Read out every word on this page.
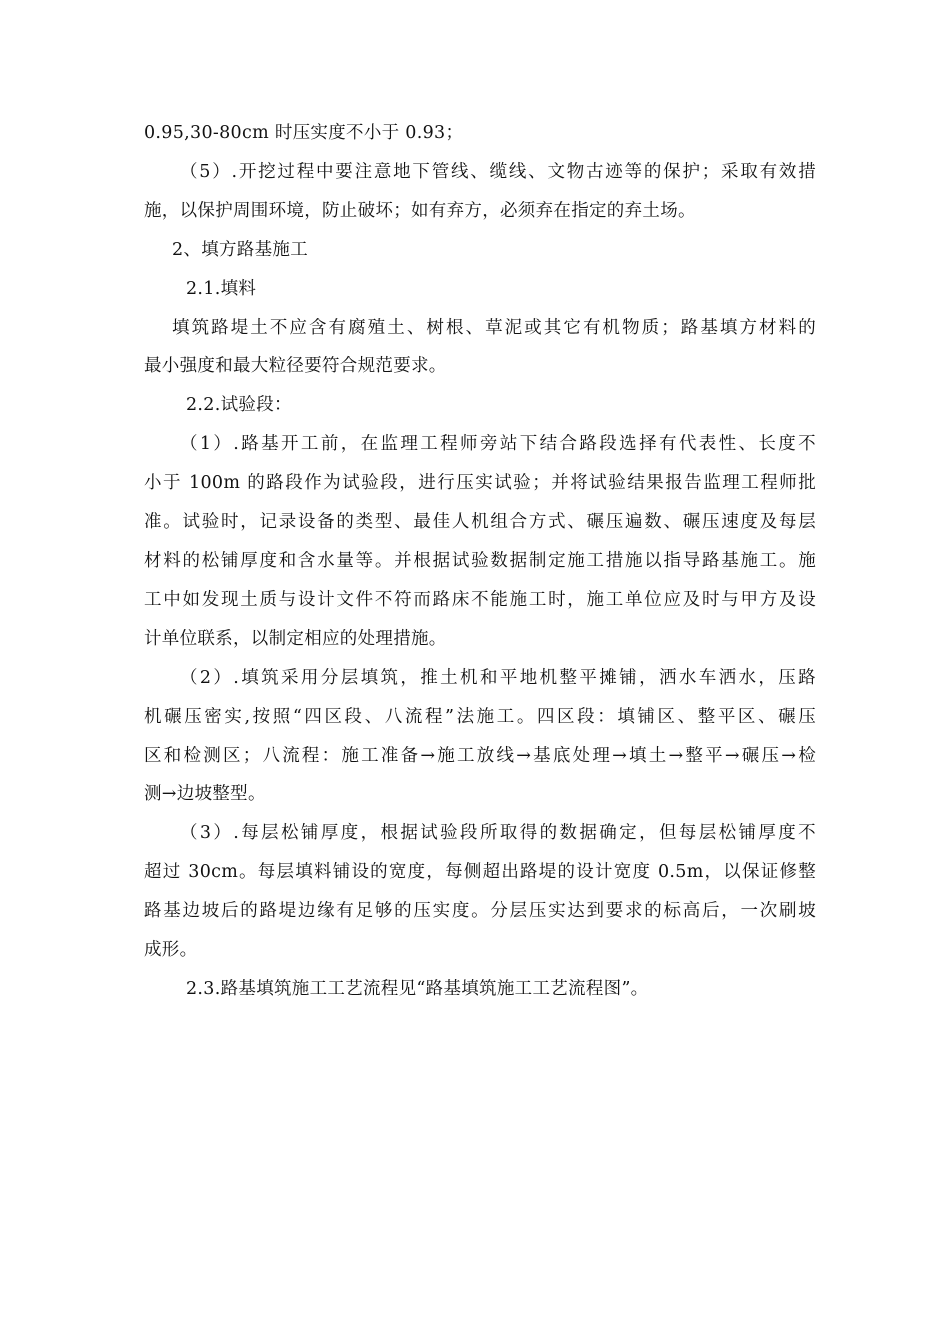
0.95,30-80cm 时压实度不小于 0.93；
（5）.开挖过程中要注意地下管线、缆线、文物古迹等的保护；采取有效措
施，以保护周围环境，防止破坏；如有弃方，必须弃在指定的弃土场。
2、填方路基施工
2.1.填料
填筑路堤土不应含有腐殖土、树根、草泥或其它有机物质；路基填方材料的
最小强度和最大粒径要符合规范要求。
2.2.试验段：
（1）.路基开工前，在监理工程师旁站下结合路段选择有代表性、长度不
小于 100m 的路段作为试验段，进行压实试验；并将试验结果报告监理工程师批
准。试验时，记录设备的类型、最佳人机组合方式、碾压遍数、碾压速度及每层
材料的松铺厚度和含水量等。并根据试验数据制定施工措施以指导路基施工。施
工中如发现土质与设计文件不符而路床不能施工时，施工单位应及时与甲方及设
计单位联系，以制定相应的处理措施。
（2）.填筑采用分层填筑，推土机和平地机整平摊铺，洒水车洒水，压路
机碾压密实,按照“四区段、八流程”法施工。四区段：填铺区、整平区、碾压
区和检测区；八流程：施工准备→施工放线→基底处理→填土→整平→碾压→检
测→边坡整型。
（3）.每层松铺厚度，根据试验段所取得的数据确定，但每层松铺厚度不
超过 30cm。每层填料铺设的宽度，每侧超出路堤的设计宽度 0.5m，以保证修整
路基边坡后的路堤边缘有足够的压实度。分层压实达到要求的标高后，一次刷坡
成形。
2.3.路基填筑施工工艺流程见“路基填筑施工工艺流程图”。
